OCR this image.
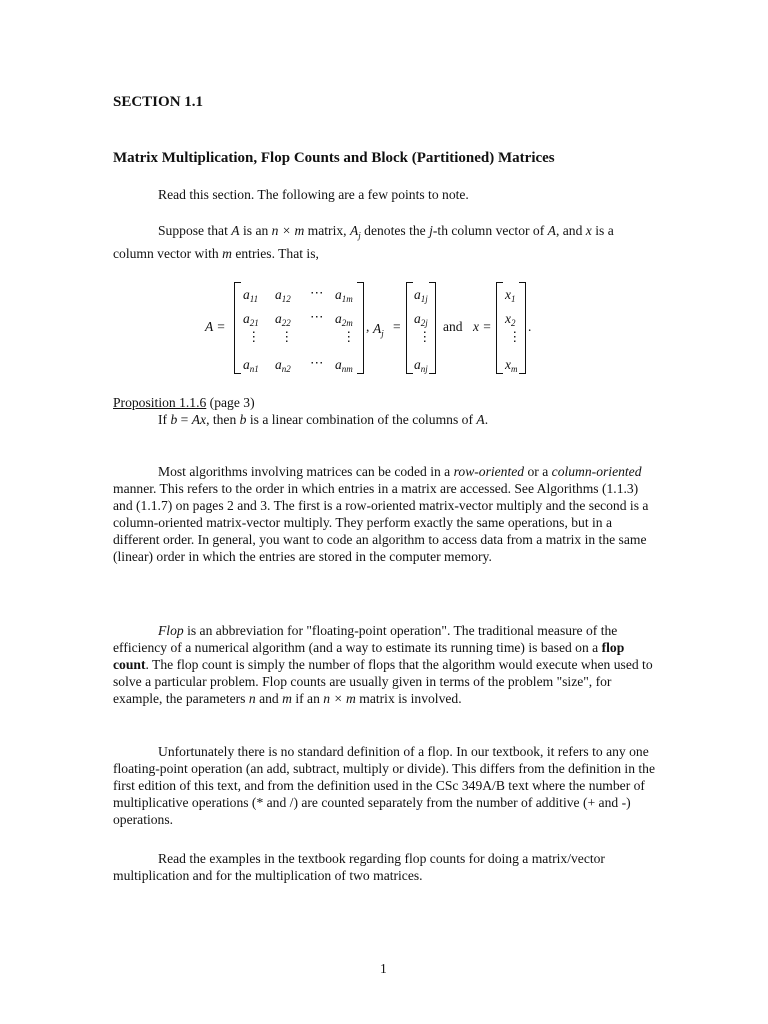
SECTION 1.1
Matrix Multiplication, Flop Counts and Block (Partitioned) Matrices
Read this section. The following are a few points to note.
Suppose that A is an n × m matrix, $A_j$ denotes the j-th column vector of A, and x is a column vector with m entries. That is,
A =
$a_{11}$ $a_{12}$ ⋯ $a_{1m}$
$a_{21}$ $a_{22}$ ⋯ $a_{2m}$
⋮ ⋮	⋮
$a_{n1}$ $a_{n2}$ ⋯ $a_{nm}$
, $A_j$ =
$a_{1j}$
$a_{2j}$
⋮
$a_{nj}$
and x =
$x_1$
$x_2$
⋮
$x_m$
.
Proposition 1.1.6 (page 3)
If b = Ax, then b is a linear combination of the columns of A.
Most algorithms involving matrices can be coded in a row-oriented or a column-oriented manner. This refers to the order in which entries in a matrix are accessed. See Algorithms (1.1.3) and (1.1.7) on pages 2 and 3. The first is a row-oriented matrix-vector multiply and the second is a column-oriented matrix-vector multiply. They perform exactly the same operations, but in a different order. In general, you want to code an algorithm to access data from a matrix in the same (linear) order in which the entries are stored in the computer memory.
Flop is an abbreviation for "floating-point operation". The traditional measure of the efficiency of a numerical algorithm (and a way to estimate its running time) is based on a flop count. The flop count is simply the number of flops that the algorithm would execute when used to solve a particular problem. Flop counts are usually given in terms of the problem "size", for example, the parameters n and m if an n × m matrix is involved.
Unfortunately there is no standard definition of a flop. In our textbook, it refers to any one floating-point operation (an add, subtract, multiply or divide). This differs from the definition in the first edition of this text, and from the definition used in the CSc 349A/B text where the number of multiplicative operations (* and /) are counted separately from the number of additive (+ and -) operations.
Read the examples in the textbook regarding flop counts for doing a matrix/vector multiplication and for the multiplication of two matrices.
1
